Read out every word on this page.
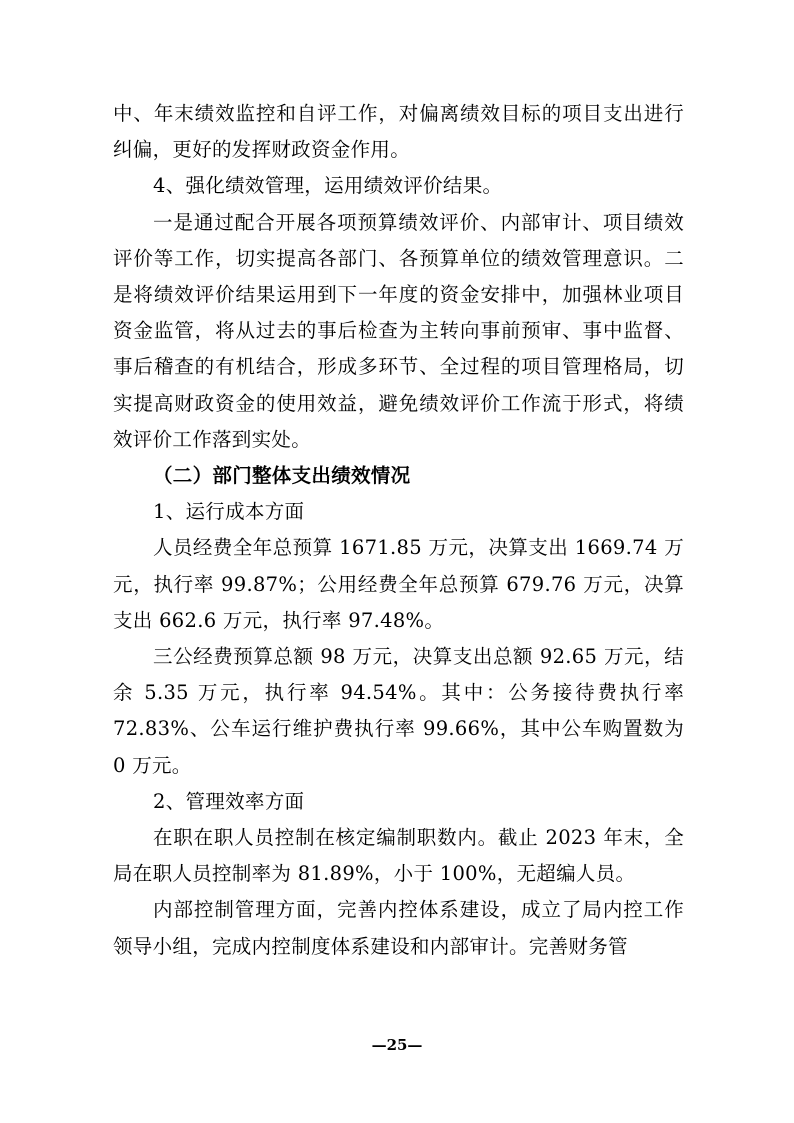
中、年末绩效监控和自评工作，对偏离绩效目标的项目支出进行纠偏，更好的发挥财政资金作用。

4、强化绩效管理，运用绩效评价结果。

一是通过配合开展各项预算绩效评价、内部审计、项目绩效评价等工作，切实提高各部门、各预算单位的绩效管理意识。二是将绩效评价结果运用到下一年度的资金安排中，加强林业项目资金监管，将从过去的事后检查为主转向事前预审、事中监督、事后稽查的有机结合，形成多环节、全过程的项目管理格局，切实提高财政资金的使用效益，避免绩效评价工作流于形式，将绩效评价工作落到实处。

（二）部门整体支出绩效情况

1、运行成本方面

人员经费全年总预算 1671.85 万元，决算支出 1669.74 万元，执行率 99.87%；公用经费全年总预算 679.76 万元，决算支出 662.6 万元，执行率 97.48%。

三公经费预算总额 98 万元，决算支出总额 92.65 万元，结余 5.35 万元，执行率 94.54%。其中：公务接待费执行率 72.83%、公车运行维护费执行率 99.66%，其中公车购置数为 0 万元。

2、管理效率方面

在职在职人员控制在核定编制职数内。截止 2023 年末，全局在职人员控制率为 81.89%，小于 100%，无超编人员。

内部控制管理方面，完善内控体系建设，成立了局内控工作领导小组，完成内控制度体系建设和内部审计。完善财务管

—25—
